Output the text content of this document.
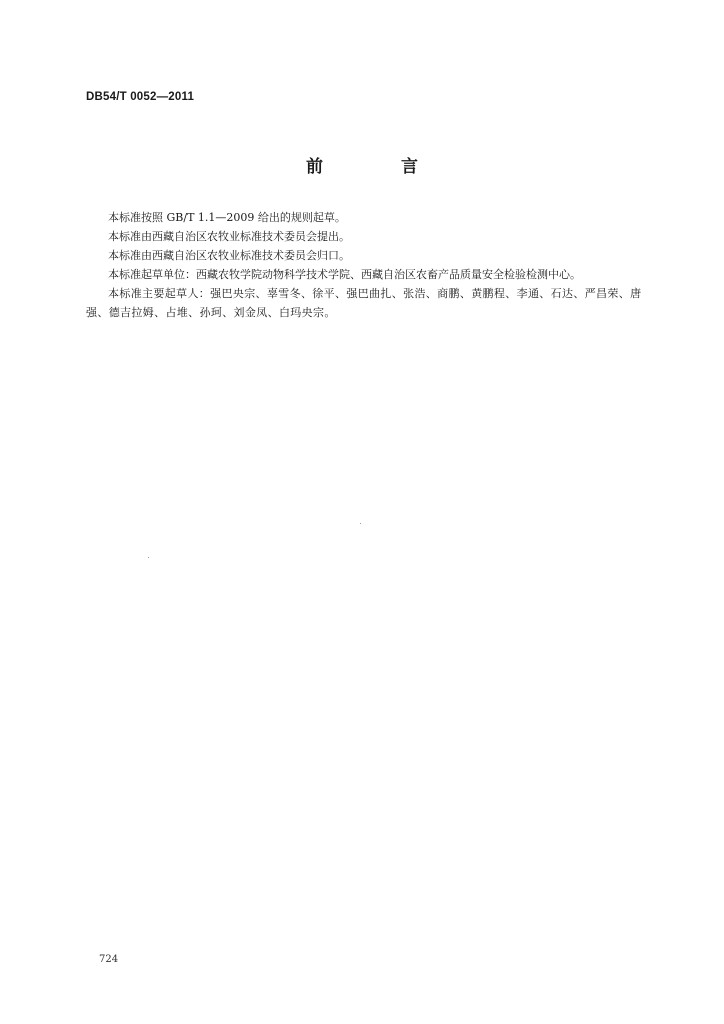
DB54/T 0052—2011
前 言

本标准按照 GB/T 1.1—2009 给出的规则起草。

本标准由西藏自治区农牧业标准技术委员会提出。

本标准由西藏自治区农牧业标准技术委员会归口。

本标准起草单位：西藏农牧学院动物科学技术学院、西藏自治区农畜产品质量安全检验检测中心。

本标准主要起草人：强巴央宗、辜雪冬、徐平、强巴曲扎、张浩、商鹏、黄鹏程、李通、石达、严昌荣、唐强、德吉拉姆、占堆、孙珂、刘金凤、白玛央宗。

724
